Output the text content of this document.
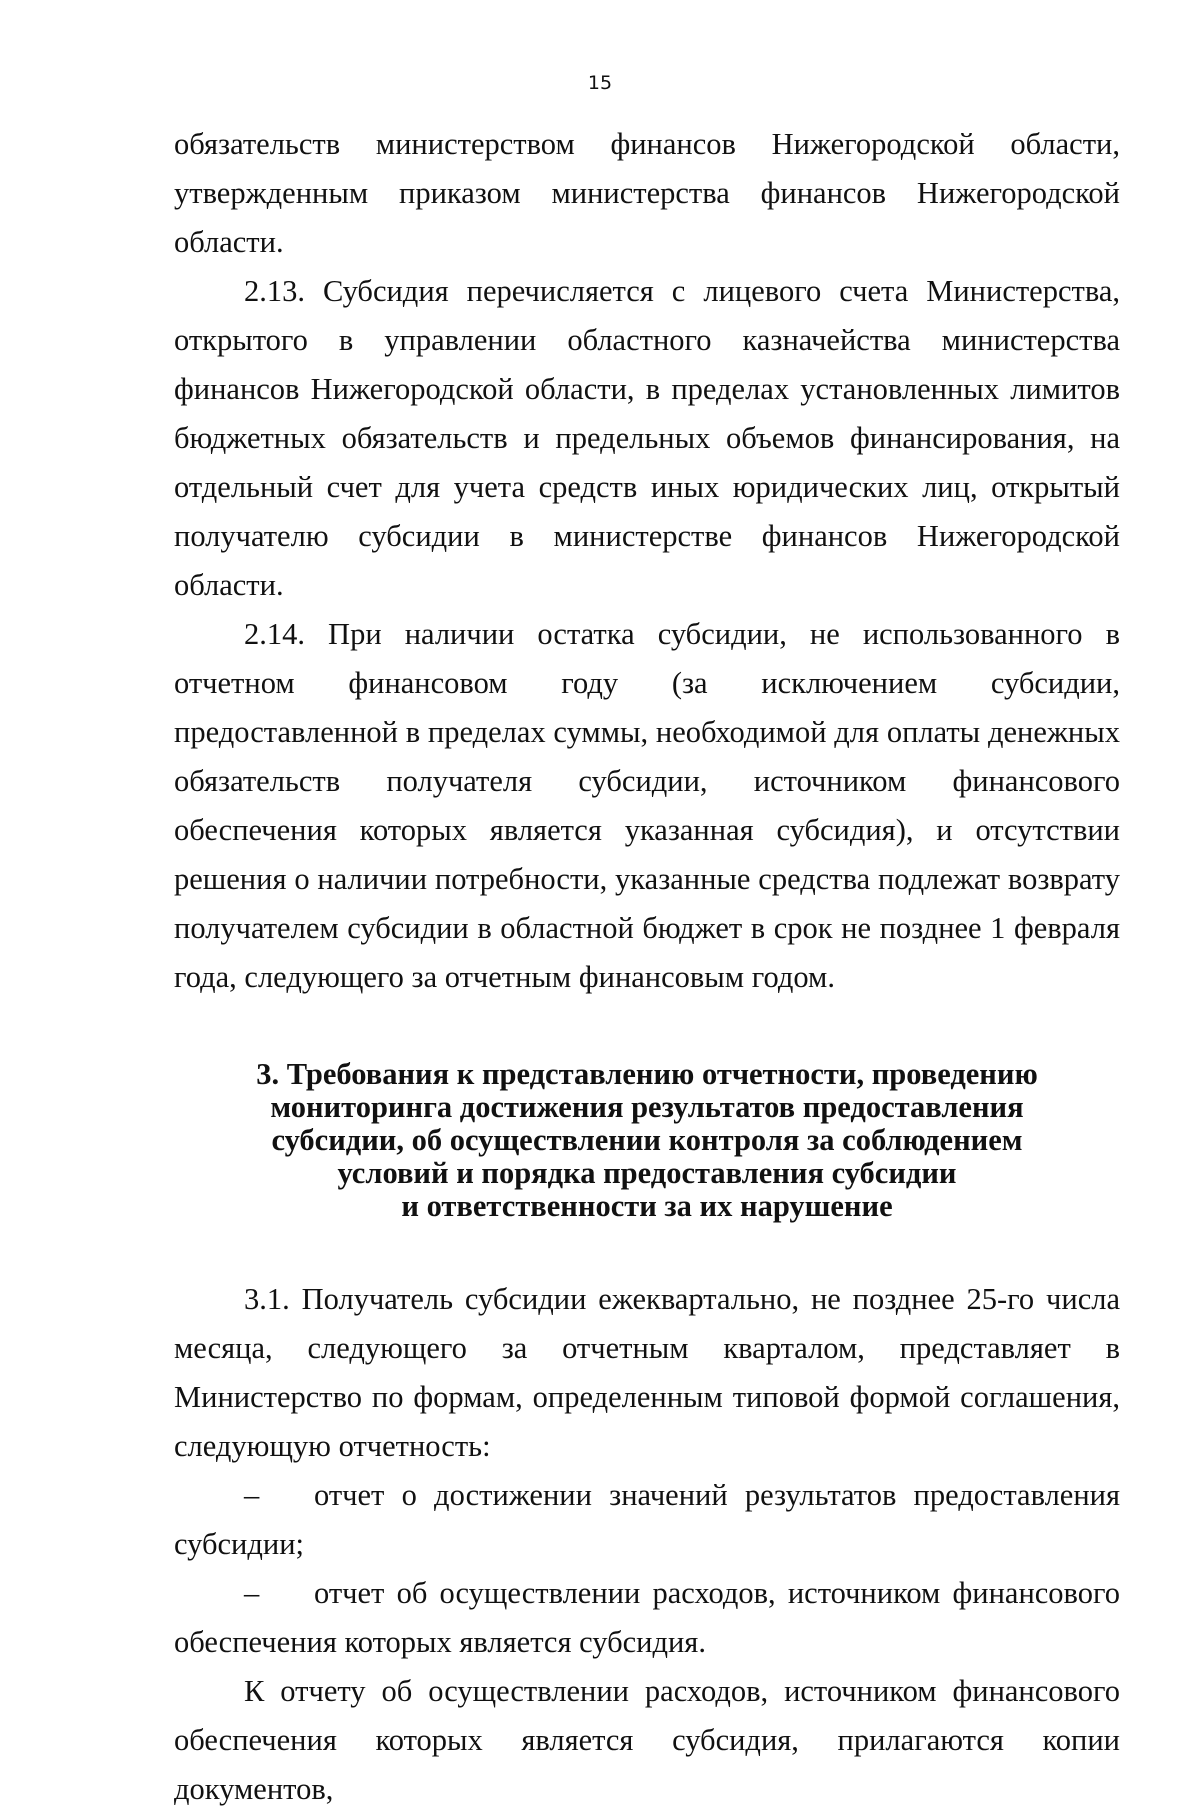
15

обязательств министерством финансов Нижегородской области, утвержденным приказом министерства финансов Нижегородской области.

2.13. Субсидия перечисляется с лицевого счета Министерства, открытого в управлении областного казначейства министерства финансов Нижегородской области, в пределах установленных лимитов бюджетных обязательств и предельных объемов финансирования, на отдельный счет для учета средств иных юридических лиц, открытый получателю субсидии в министерстве финансов Нижегородской области.

2.14. При наличии остатка субсидии, не использованного в отчетном финансовом году (за исключением субсидии, предоставленной в пределах суммы, необходимой для оплаты денежных обязательств получателя субсидии, источником финансового обеспечения которых является указанная субсидия), и отсутствии решения о наличии потребности, указанные средства подлежат возврату получателем субсидии в областной бюджет в срок не позднее 1 февраля года, следующего за отчетным финансовым годом.

3. Требования к представлению отчетности, проведению
мониторинга достижения результатов предоставления
субсидии, об осуществлении контроля за соблюдением
условий и порядка предоставления субсидии
и ответственности за их нарушение

3.1. Получатель субсидии ежеквартально, не позднее 25-го числа месяца, следующего за отчетным кварталом, представляет в Министерство по формам, определенным типовой формой соглашения, следующую отчетность:

– отчет о достижении значений результатов предоставления субсидии;

– отчет об осуществлении расходов, источником финансового обеспечения которых является субсидия.

К отчету об осуществлении расходов, источником финансового обеспечения которых является субсидия, прилагаются копии документов,
